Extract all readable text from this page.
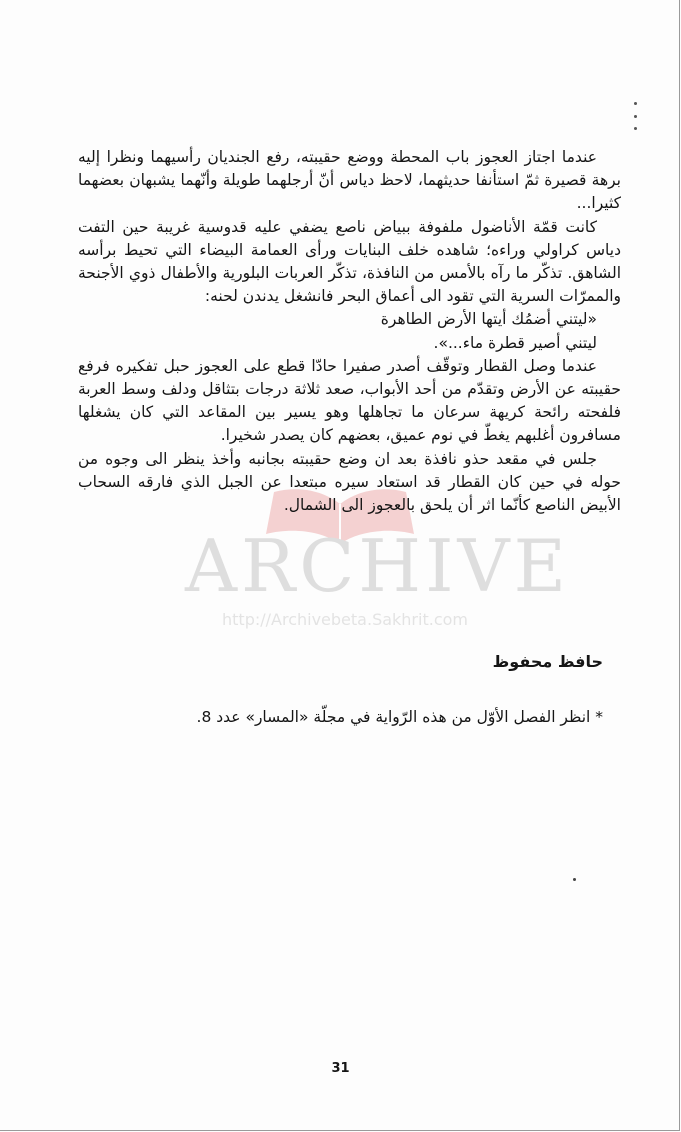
ARCHIVE
http://Archivebeta.Sakhrit.com

عندما اجتاز العجوز باب المحطة ووضع حقيبته، رفع الجنديان رأسيهما ونظرا إليه برهة قصيرة ثمّ استأنفا حديثهما، لاحظ دياس أنّ أرجلهما طويلة وأنّهما يشبهان بعضهما كثيرا...

كانت قمّة الأناضول ملفوفة ببياض ناصع يضفي عليه قدوسية غريبة حين التفت دياس كراولي وراءه؛ شاهده خلف البنايات ورأى العمامة البيضاء التي تحيط برأسه الشاهق. تذكّر ما رآه بالأمس من النافذة، تذكّر العربات البلورية والأطفال ذوي الأجنحة والممرّات السرية التي تقود الى أعماق البحر فانشغل يدندن لحنه:

«ليتني أضمُك أيتها الأرض الطاهرة

ليتني أصير قطرة ماء...».

عندما وصل القطار وتوقّف أصدر صفيرا حادّا قطع على العجوز حبل تفكيره فرفع حقيبته عن الأرض وتقدّم من أحد الأبواب، صعد ثلاثة درجات بتثاقل ودلف وسط العربة فلفحته رائحة كريهة سرعان ما تجاهلها وهو يسير بين المقاعد التي كان يشغلها مسافرون أغلبهم يغطّ في نوم عميق، بعضهم كان يصدر شخيرا.

جلس في مقعد حذو نافذة بعد ان وضع حقيبته بجانبه وأخذ ينظر الى وجوه من حوله في حين كان القطار قد استعاد سيره مبتعدا عن الجبل الذي فارقه السحاب الأبيض الناصع كأنّما اثر أن يلحق بالعجوز الى الشمال.

حافظ محفوظ

* انظر الفصل الأوّل من هذه الرّواية في مجلّة «المسار» عدد 8.

31
